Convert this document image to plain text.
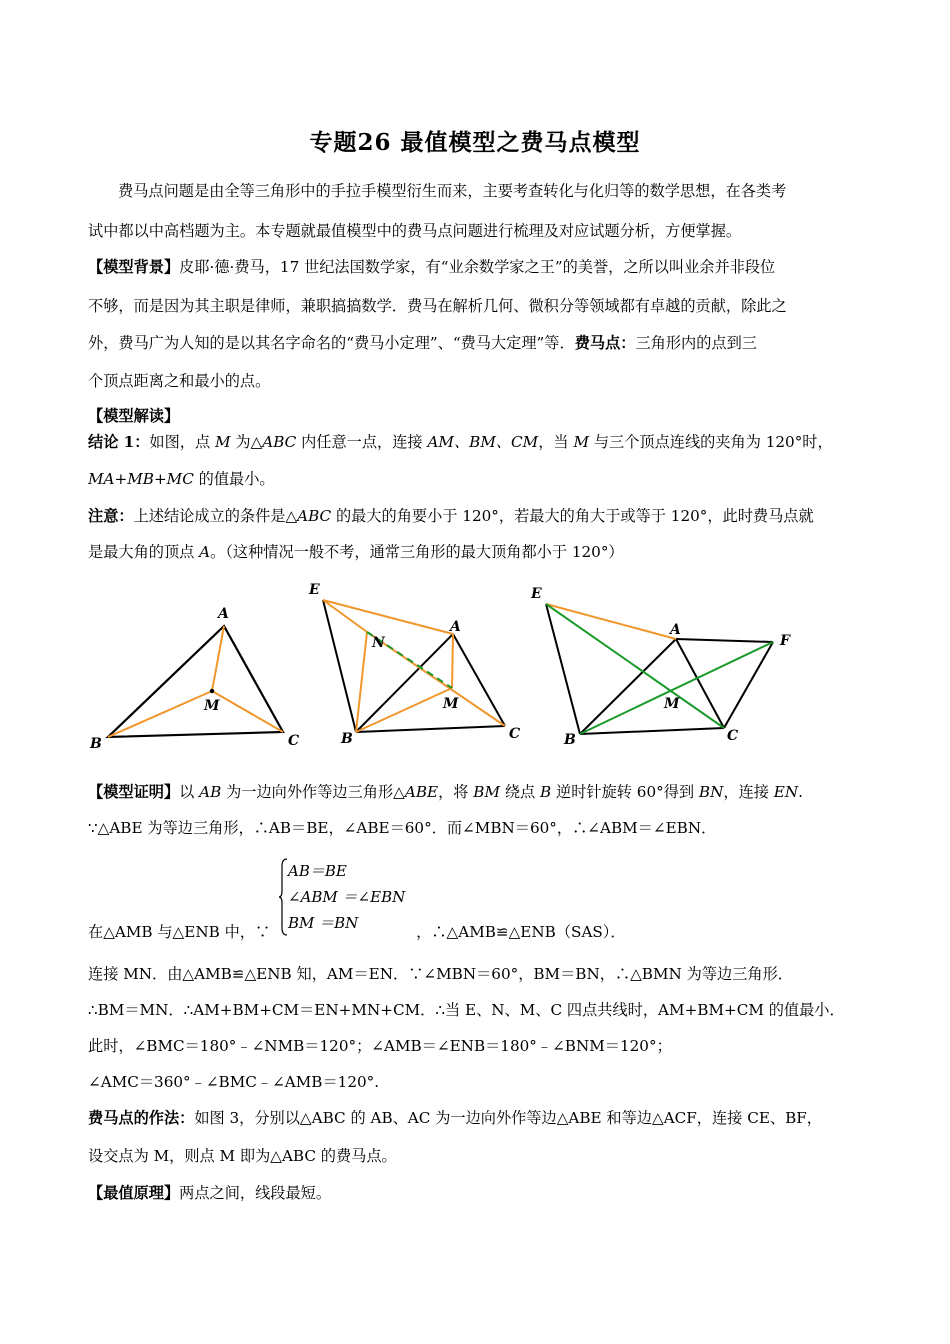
专题26 最值模型之费马点模型
费马点问题是由全等三角形中的手拉手模型衍生而来，主要考查转化与化归等的数学思想，在各类考
试中都以中高档题为主。本专题就最值模型中的费马点问题进行梳理及对应试题分析，方便掌握。
【模型背景】皮耶·德·费马，17 世纪法国数学家，有“业余数学家之王”的美誉，之所以叫业余并非段位
不够，而是因为其主职是律师，兼职搞搞数学．费马在解析几何、微积分等领域都有卓越的贡献，除此之
外，费马广为人知的是以其名字命名的“费马小定理”、“费马大定理”等．费马点：三角形内的点到三
个顶点距离之和最小的点。
【模型解读】
结论 1：如图，点 M 为△ABC 内任意一点，连接 AM、BM、CM，当 M 与三个顶点连线的夹角为 120°时，
MA+MB+MC 的值最小。
注意：上述结论成立的条件是△ABC 的最大的角要小于 120°，若最大的角大于或等于 120°，此时费马点就
是最大角的顶点 A。（这种情况一般不考，通常三角形的最大顶角都小于 120°）
A
B	C
M
E
N
A
M
B	C
E
A
F
M
B	C
【模型证明】以 AB 为一边向外作等边三角形△ABE，将 BM 绕点 B 逆时针旋转 60°得到 BN，连接 EN.
∵△ABE 为等边三角形，∴AB＝BE，∠ABE＝60°．而∠MBN＝60°，∴∠ABM＝∠EBN．
AB＝BE
∠ABM ＝∠EBN
BM ＝BN
在△AMB 与△ENB 中，∵	，∴△AMB≌△ENB（SAS）．
连接 MN．由△AMB≌△ENB 知，AM＝EN．∵∠MBN＝60°，BM＝BN，∴△BMN 为等边三角形．
∴BM＝MN．∴AM+BM+CM＝EN+MN+CM．∴当 E、N、M、C 四点共线时，AM+BM+CM 的值最小．
此时，∠BMC＝180°﹣∠NMB＝120°；∠AMB＝∠ENB＝180°﹣∠BNM＝120°；
∠AMC＝360°﹣∠BMC﹣∠AMB＝120°.
费马点的作法：如图 3，分别以△ABC 的 AB、AC 为一边向外作等边△ABE 和等边△ACF，连接 CE、BF，
设交点为 M，则点 M 即为△ABC 的费马点。
【最值原理】两点之间，线段最短。
